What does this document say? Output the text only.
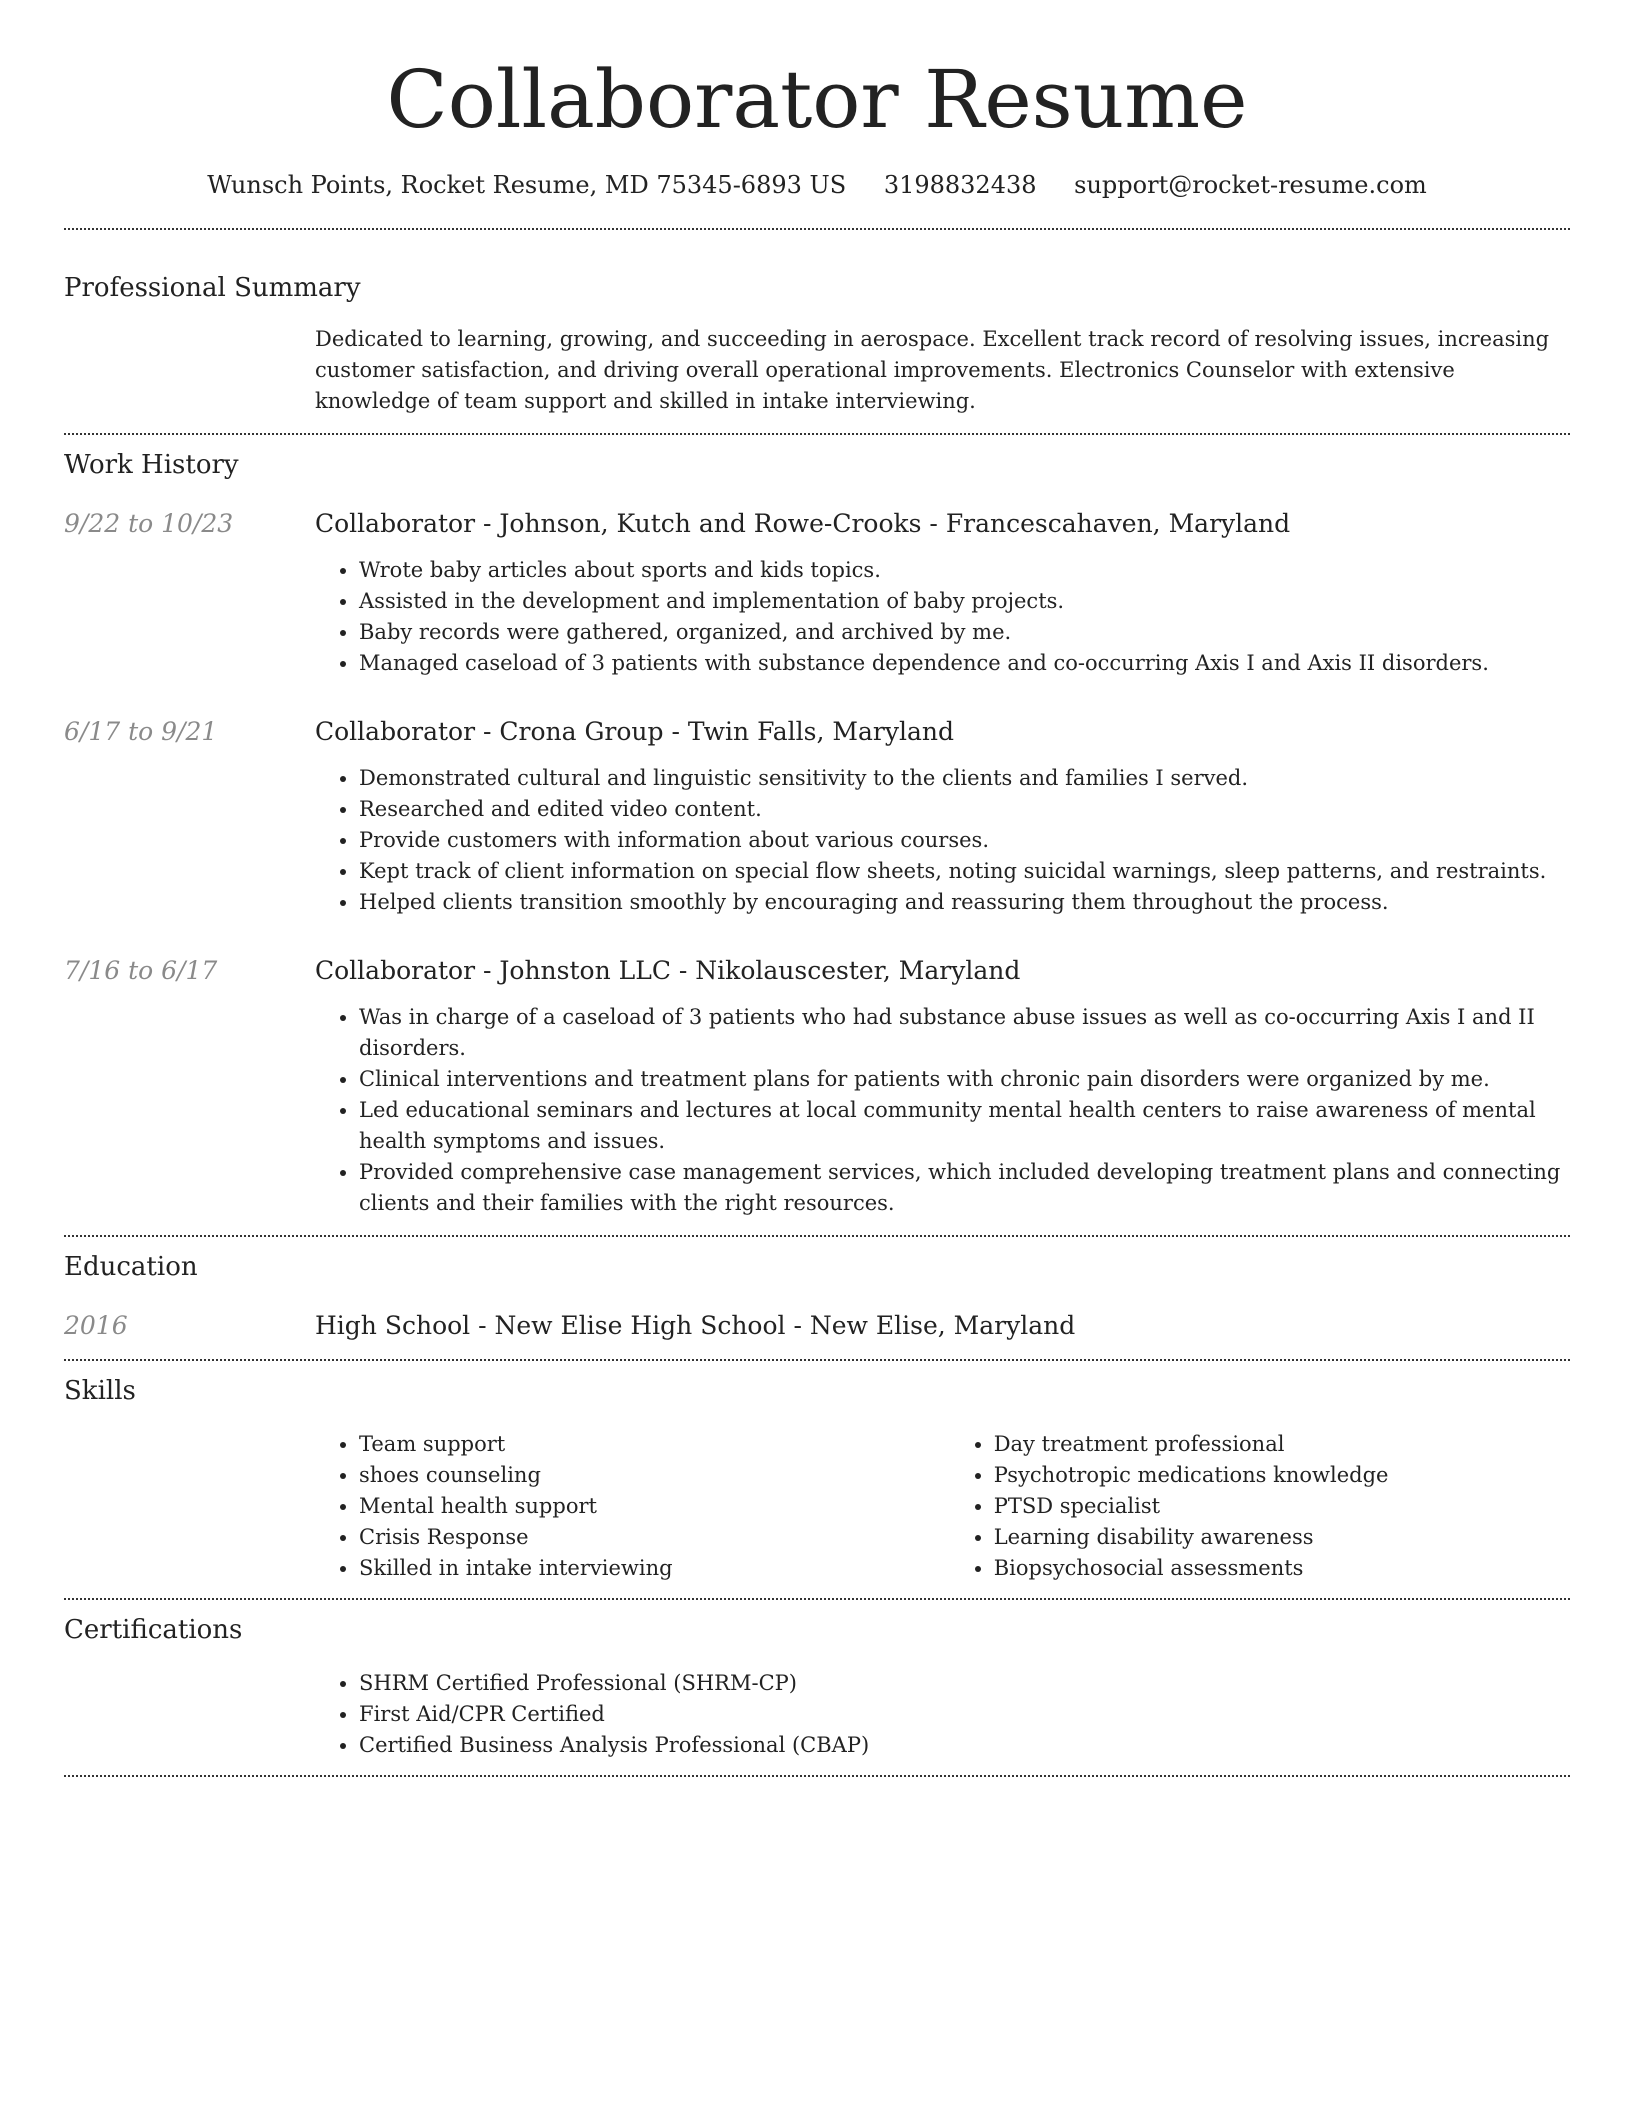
Collaborator Resume
Wunsch Points, Rocket Resume, MD 75345-6893 US 3198832438 support@rocket-resume.com
Professional Summary

Dedicated to learning, growing, and succeeding in aerospace. Excellent track record of resolving issues, increasing customer satisfaction, and driving overall operational improvements. Electronics Counselor with extensive knowledge of team support and skilled in intake interviewing.

Work History
9/22 to 10/23	Collaborator - Johnson, Kutch and Rowe-Crooks - Francescahaven, Maryland
• Wrote baby articles about sports and kids topics.
• Assisted in the development and implementation of baby projects.
• Baby records were gathered, organized, and archived by me.
• Managed caseload of 3 patients with substance dependence and co-occurring Axis I and Axis II disorders.
6/17 to 9/21	Collaborator - Crona Group - Twin Falls, Maryland
• Demonstrated cultural and linguistic sensitivity to the clients and families I served.
• Researched and edited video content.
• Provide customers with information about various courses.
• Kept track of client information on special flow sheets, noting suicidal warnings, sleep patterns, and restraints.
• Helped clients transition smoothly by encouraging and reassuring them throughout the process.
7/16 to 6/17	Collaborator - Johnston LLC - Nikolauscester, Maryland
• Was in charge of a caseload of 3 patients who had substance abuse issues as well as co-occurring Axis I and II disorders.
• Clinical interventions and treatment plans for patients with chronic pain disorders were organized by me.
• Led educational seminars and lectures at local community mental health centers to raise awareness of mental health symptoms and issues.
• Provided comprehensive case management services, which included developing treatment plans and connecting clients and their families with the right resources.
Education
2016	High School - New Elise High School - New Elise, Maryland
Skills
• Team support
• shoes counseling
• Mental health support
• Crisis Response
• Skilled in intake interviewing
• Day treatment professional
• Psychotropic medications knowledge
• PTSD specialist
• Learning disability awareness
• Biopsychosocial assessments
Certifications
• SHRM Certified Professional (SHRM-CP)
• First Aid/CPR Certified
• Certified Business Analysis Professional (CBAP)
